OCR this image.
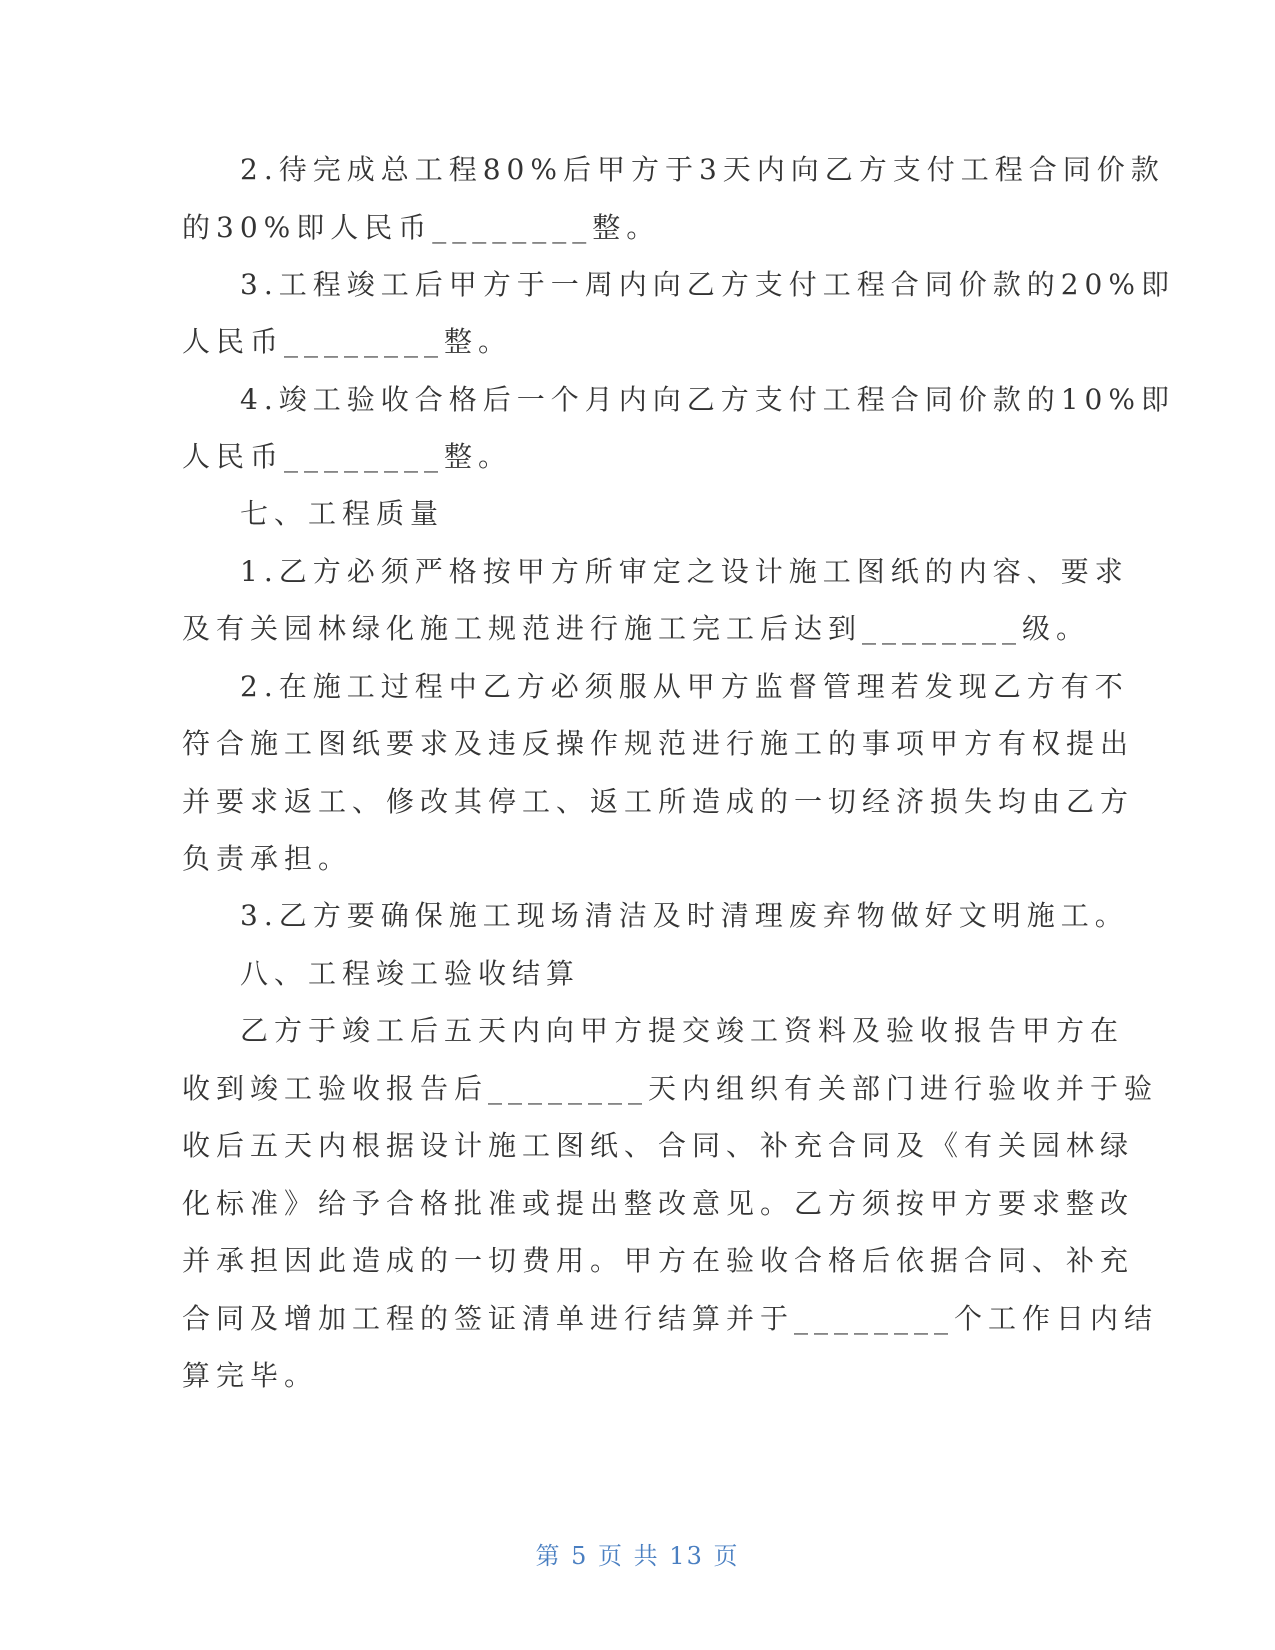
2.待完成总工程80%后甲方于3天内向乙方支付工程合同价款
的30%即人民币________整。
3.工程竣工后甲方于一周内向乙方支付工程合同价款的20%即
人民币________整。
4.竣工验收合格后一个月内向乙方支付工程合同价款的10%即
人民币________整。
七、工程质量
1.乙方必须严格按甲方所审定之设计施工图纸的内容、要求
及有关园林绿化施工规范进行施工完工后达到________级。
2.在施工过程中乙方必须服从甲方监督管理若发现乙方有不
符合施工图纸要求及违反操作规范进行施工的事项甲方有权提出
并要求返工、修改其停工、返工所造成的一切经济损失均由乙方
负责承担。
3.乙方要确保施工现场清洁及时清理废弃物做好文明施工。
八、工程竣工验收结算
乙方于竣工后五天内向甲方提交竣工资料及验收报告甲方在
收到竣工验收报告后________天内组织有关部门进行验收并于验
收后五天内根据设计施工图纸、合同、补充合同及《有关园林绿
化标准》给予合格批准或提出整改意见。乙方须按甲方要求整改
并承担因此造成的一切费用。甲方在验收合格后依据合同、补充
合同及增加工程的签证清单进行结算并于________个工作日内结
算完毕。
第 5 页 共 13 页
